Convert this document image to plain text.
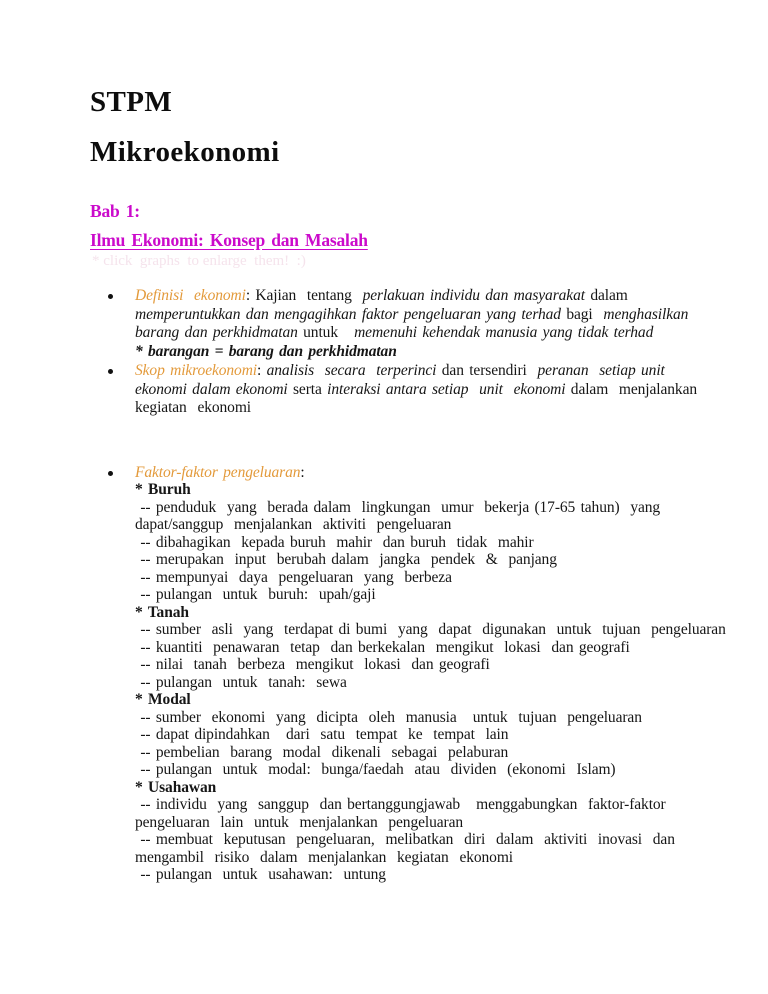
STPM
Mikroekonomi
Bab 1:
Ilmu Ekonomi: Konsep dan Masalah
* click  graphs  to enlarge  them!  :)
Definisi  ekonomi: Kajian  tentang  perlakuan individu dan masyarakat dalam
memperuntukkan dan mengagihkan faktor pengeluaran yang terhad bagi  menghasilkan
barang dan perkhidmatan untuk   memenuhi kehendak manusia yang tidak terhad
* barangan = barang dan perkhidmatan
Skop mikroekonomi: analisis  secara  terperinci dan tersendiri  peranan  setiap unit
ekonomi dalam ekonomi serta interaksi antara setiap  unit  ekonomi dalam  menjalankan
kegiatan  ekonomi
Faktor-faktor pengeluaran:
* Buruh
-- penduduk  yang  berada dalam  lingkungan  umur  bekerja (17-65 tahun)  yang
dapat/sanggup  menjalankan  aktiviti  pengeluaran
-- dibahagikan  kepada buruh  mahir  dan buruh  tidak  mahir
-- merupakan  input  berubah dalam  jangka  pendek  &  panjang
-- mempunyai  daya  pengeluaran  yang  berbeza
-- pulangan  untuk  buruh:  upah/gaji
* Tanah
-- sumber  asli  yang  terdapat di bumi  yang  dapat  digunakan  untuk  tujuan  pengeluaran
-- kuantiti  penawaran  tetap  dan berkekalan  mengikut  lokasi  dan geografi
-- nilai  tanah  berbeza  mengikut  lokasi  dan geografi
-- pulangan  untuk  tanah:  sewa
* Modal
-- sumber  ekonomi  yang  dicipta  oleh  manusia   untuk  tujuan  pengeluaran
-- dapat dipindahkan   dari  satu  tempat  ke  tempat  lain
-- pembelian  barang  modal  dikenali  sebagai  pelaburan
-- pulangan  untuk  modal:  bunga/faedah  atau  dividen  (ekonomi  Islam)
* Usahawan
-- individu  yang  sanggup  dan bertanggungjawab   menggabungkan  faktor-faktor
pengeluaran  lain  untuk  menjalankan  pengeluaran
-- membuat  keputusan  pengeluaran,  melibatkan  diri  dalam  aktiviti  inovasi  dan
mengambil  risiko  dalam  menjalankan  kegiatan  ekonomi
-- pulangan  untuk  usahawan:  untung
